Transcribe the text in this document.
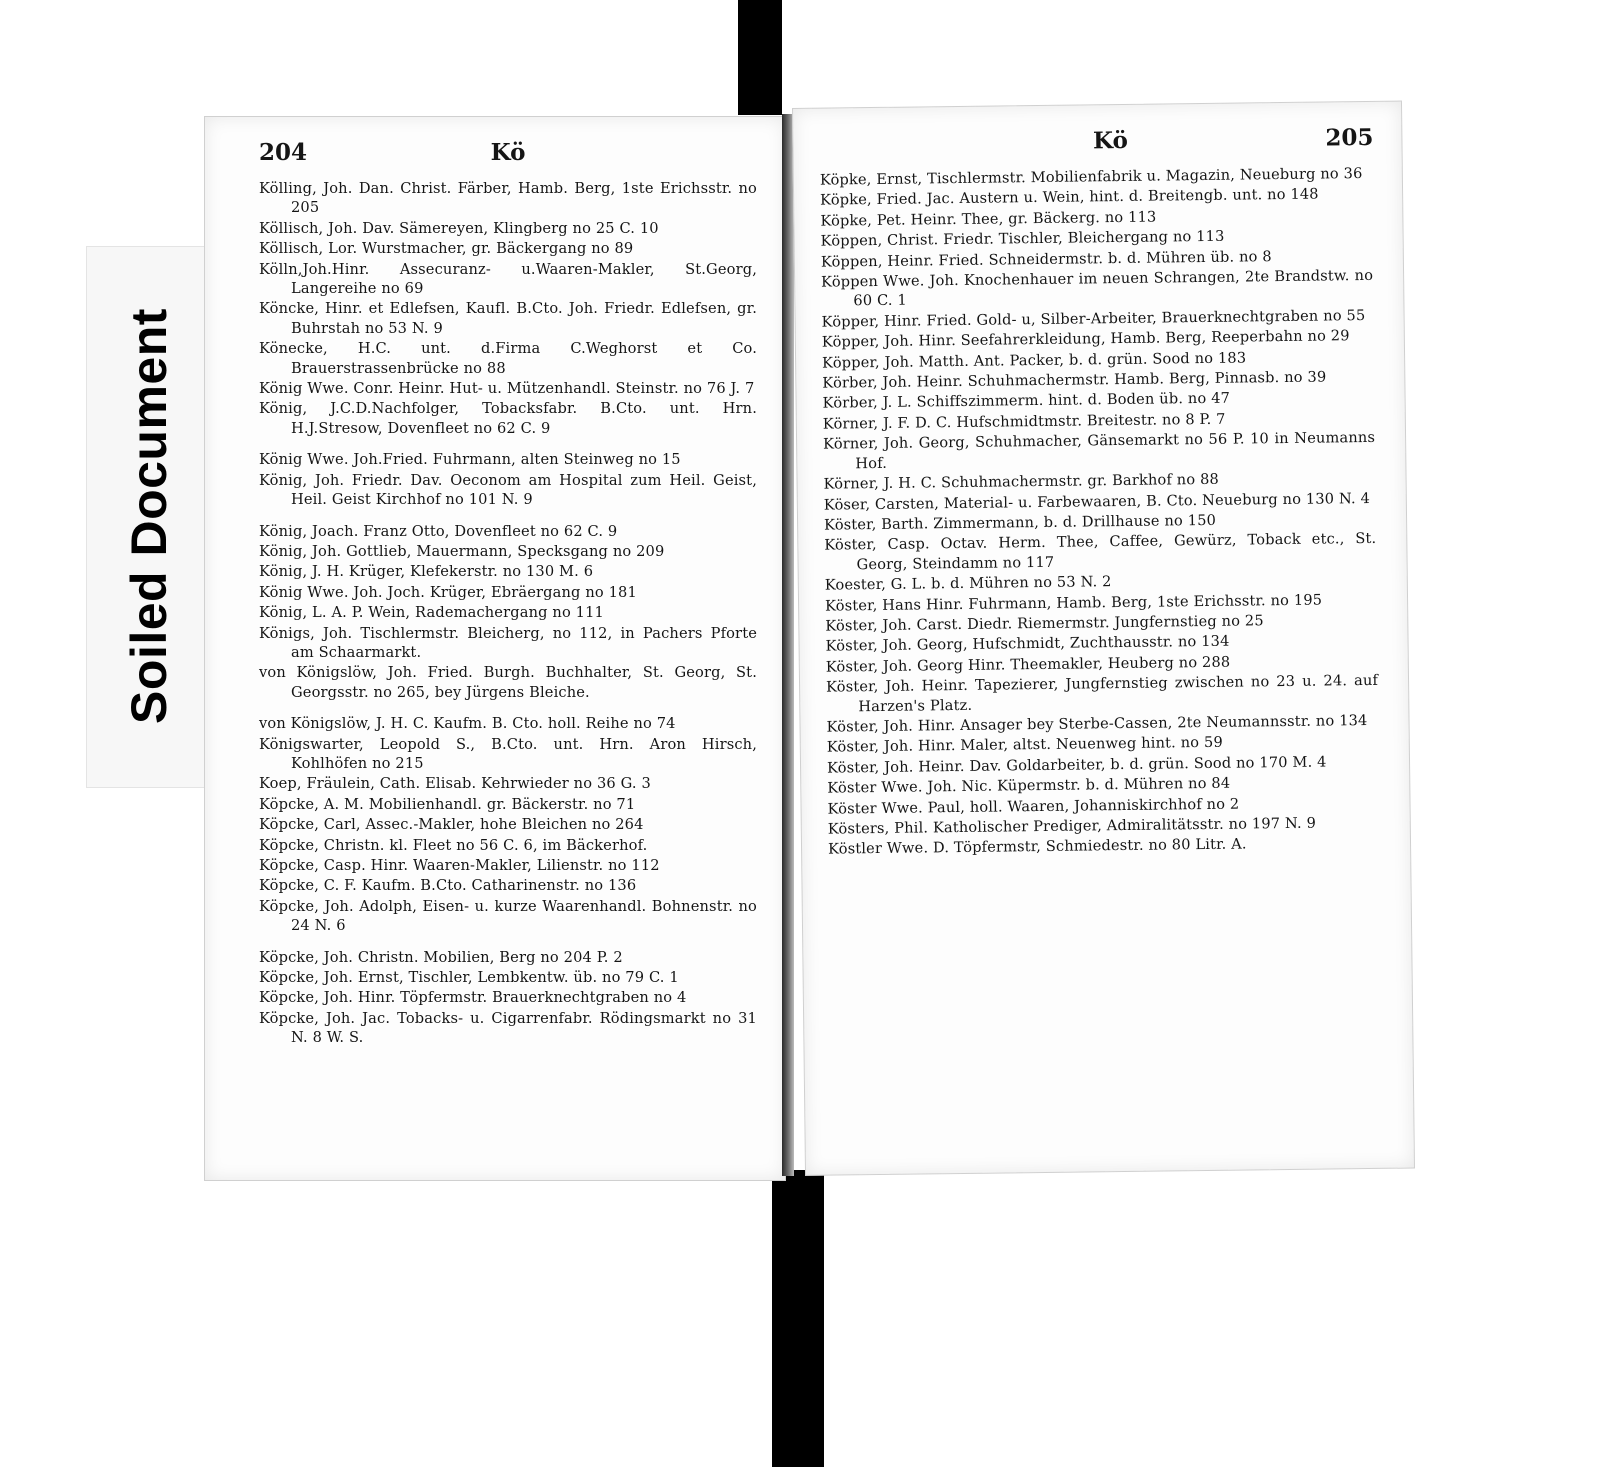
Soiled Document
204	Kö
Kölling, Joh. Dan. Christ. Färber, Hamb. Berg, 1ste Erichsstr. no 205
Köllisch, Joh. Dav. Sämereyen, Klingberg no 25 C. 10
Köllisch, Lor. Wurstmacher, gr. Bäckergang no 89
Kölln,Joh.Hinr. Assecuranz- u.Waaren-Makler, St.Georg, Langereihe no 69
Köncke, Hinr. et Edlefsen, Kaufl. B.Cto. Joh. Friedr. Edlefsen, gr. Buhrstah no 53 N. 9
Könecke, H.C. unt. d.Firma C.Weghorst et Co. Brauerstrassenbrücke no 88
König Wwe. Conr. Heinr. Hut- u. Mützenhandl. Steinstr. no 76 J. 7
König, J.C.D.Nachfolger, Tobacksfabr. B.Cto. unt. Hrn. H.J.Stresow, Dovenfleet no 62 C. 9
König Wwe. Joh.Fried. Fuhrmann, alten Steinweg no 15
König, Joh. Friedr. Dav. Oeconom am Hospital zum Heil. Geist, Heil. Geist Kirchhof no 101 N. 9
König, Joach. Franz Otto, Dovenfleet no 62 C. 9
König, Joh. Gottlieb, Mauermann, Specksgang no 209
König, J. H. Krüger, Klefekerstr. no 130 M. 6
König Wwe. Joh. Joch. Krüger, Ebräergang no 181
König, L. A. P. Wein, Rademachergang no 111
Königs, Joh. Tischlermstr. Bleicherg, no 112, in Pachers Pforte am Schaarmarkt.
von Königslöw, Joh. Fried. Burgh. Buchhalter, St. Georg, St. Georgsstr. no 265, bey Jürgens Bleiche.
von Königslöw, J. H. C. Kaufm. B. Cto. holl. Reihe no 74
Königswarter, Leopold S., B.Cto. unt. Hrn. Aron Hirsch, Kohlhöfen no 215
Koep, Fräulein, Cath. Elisab. Kehrwieder no 36 G. 3
Köpcke, A. M. Mobilienhandl. gr. Bäckerstr. no 71
Köpcke, Carl, Assec.-Makler, hohe Bleichen no 264
Köpcke, Christn. kl. Fleet no 56 C. 6, im Bäckerhof.
Köpcke, Casp. Hinr. Waaren-Makler, Lilienstr. no 112
Köpcke, C. F. Kaufm. B.Cto. Catharinenstr. no 136
Köpcke, Joh. Adolph, Eisen- u. kurze Waarenhandl. Bohnenstr. no 24 N. 6
Köpcke, Joh. Christn. Mobilien, Berg no 204 P. 2
Köpcke, Joh. Ernst, Tischler, Lembkentw. üb. no 79 C. 1
Köpcke, Joh. Hinr. Töpfermstr. Brauerknechtgraben no 4
Köpcke, Joh. Jac. Tobacks- u. Cigarrenfabr. Rödingsmarkt no 31 N. 8 W. S.
Kö	205
Köpke, Ernst, Tischlermstr. Mobilienfabrik u. Magazin, Neueburg no 36
Köpke, Fried. Jac. Austern u. Wein, hint. d. Breitengb. unt. no 148
Köpke, Pet. Heinr. Thee, gr. Bäckerg. no 113
Köppen, Christ. Friedr. Tischler, Bleichergang no 113
Köppen, Heinr. Fried. Schneidermstr. b. d. Mühren üb. no 8
Köppen Wwe. Joh. Knochenhauer im neuen Schrangen, 2te Brandstw. no 60 C. 1
Köpper, Hinr. Fried. Gold- u, Silber-Arbeiter, Brauerknechtgraben no 55
Köpper, Joh. Hinr. Seefahrerkleidung, Hamb. Berg, Reeperbahn no 29
Köpper, Joh. Matth. Ant. Packer, b. d. grün. Sood no 183
Körber, Joh. Heinr. Schuhmachermstr. Hamb. Berg, Pinnasb. no 39
Körber, J. L. Schiffszimmerm. hint. d. Boden üb. no 47
Körner, J. F. D. C. Hufschmidtmstr. Breitestr. no 8 P. 7
Körner, Joh. Georg, Schuhmacher, Gänsemarkt no 56 P. 10 in Neumanns Hof.
Körner, J. H. C. Schuhmachermstr. gr. Barkhof no 88
Köser, Carsten, Material- u. Farbewaaren, B. Cto. Neueburg no 130 N. 4
Köster, Barth. Zimmermann, b. d. Drillhause no 150
Köster, Casp. Octav. Herm. Thee, Caffee, Gewürz, Toback etc., St. Georg, Steindamm no 117
Koester, G. L. b. d. Mühren no 53 N. 2
Köster, Hans Hinr. Fuhrmann, Hamb. Berg, 1ste Erichsstr. no 195
Köster, Joh. Carst. Diedr. Riemermstr. Jungfernstieg no 25
Köster, Joh. Georg, Hufschmidt, Zuchthausstr. no 134
Köster, Joh. Georg Hinr. Theemakler, Heuberg no 288
Köster, Joh. Heinr. Tapezierer, Jungfernstieg zwischen no 23 u. 24. auf Harzen's Platz.
Köster, Joh. Hinr. Ansager bey Sterbe-Cassen, 2te Neumannsstr. no 134
Köster, Joh. Hinr. Maler, altst. Neuenweg hint. no 59
Köster, Joh. Heinr. Dav. Goldarbeiter, b. d. grün. Sood no 170 M. 4
Köster Wwe. Joh. Nic. Küpermstr. b. d. Mühren no 84
Köster Wwe. Paul, holl. Waaren, Johanniskirchhof no 2
Kösters, Phil. Katholischer Prediger, Admiralitätsstr. no 197 N. 9
Köstler Wwe. D. Töpfermstr, Schmiedestr. no 80 Litr. A.
